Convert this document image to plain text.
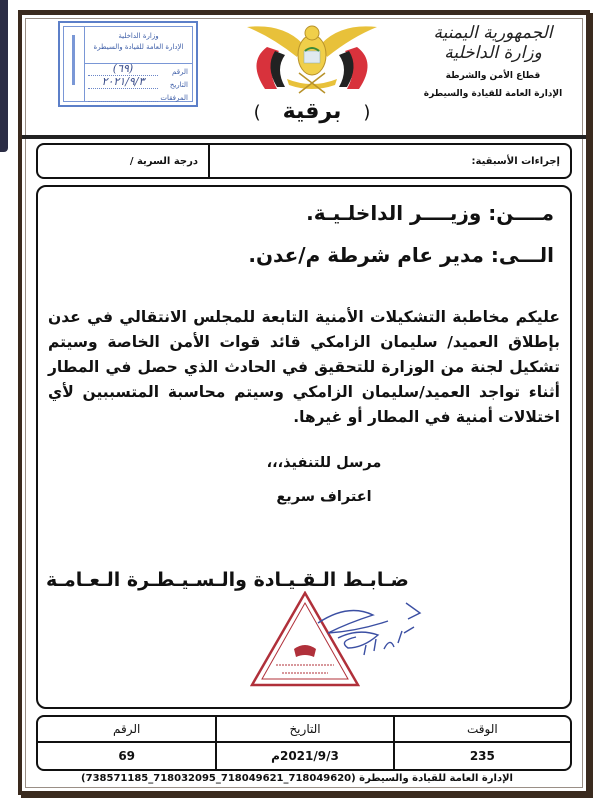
الجمهورية اليمنية
وزارة الداخلية
قطاع الأمن والشرطة
الإدارة العامة للقيادة والسيطرة
(برقية)
وزارة الداخلية
الإدارة العامة للقيادة والسيطرة
الرقم
(٦٩)
التاريخ
٢٠٢١/٩/٣
المرفقات
إجراءات الأسبقية:
درجة السرية /
مــــن: وزيــــر الداخلـيـة.
الـــى: مدير عام شرطة م/عدن.
عليكم مخاطبة التشكيلات الأمنية التابعة للمجلس الانتقالي في عدن بإطلاق العميد/ سليمان الزامكي قائد قوات الأمن الخاصة وسيتم تشكيل لجنة من الوزارة للتحقيق في الحادث الذي حصل في المطار أثناء تواجد العميد/سليمان الزامكي وسيتم محاسبة المتسببين لأي اختلالات أمنية في المطار أو غيرها.
مرسل للتنفيذ،،،
اعتراف سريع
ضـابـط الـقـيـادة والـسـيـطـرة الـعـامـة
الوقت
التاريخ
الرقم
235
2021/9/3م
69
الإدارة العامة للقيادة والسيطرة (718049620_718049621_718032095_738571185)
